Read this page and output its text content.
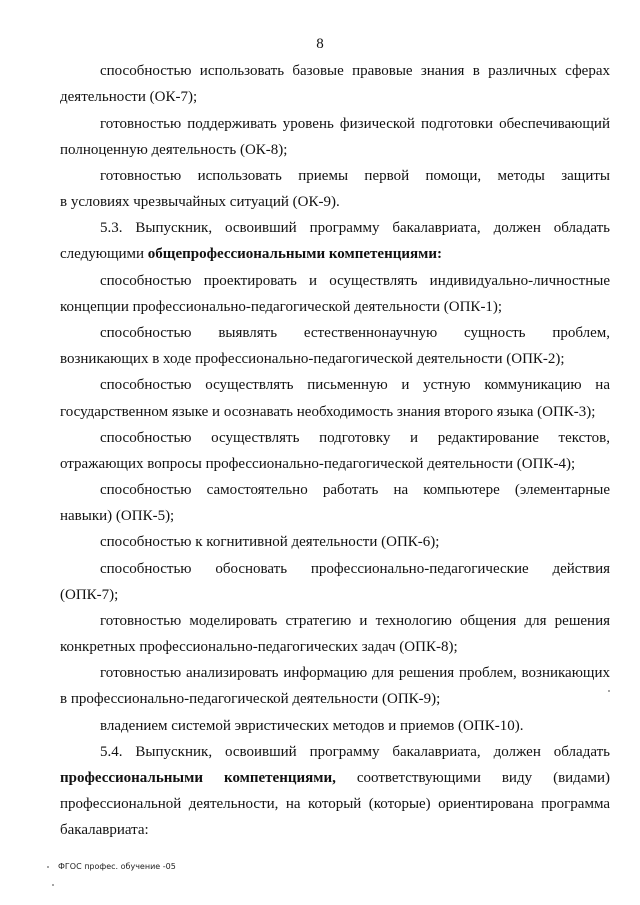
8
способностью использовать базовые правовые знания в различных сферах
деятельности (ОК-7);
готовностью поддерживать уровень физической подготовки обеспечивающий
полноценную деятельность (ОК-8);
готовностью использовать приемы первой помощи, методы защиты
в условиях чрезвычайных ситуаций (ОК-9).
5.3. Выпускник, освоивший программу бакалавриата, должен обладать
следующими общепрофессиональными компетенциями:
способностью проектировать и осуществлять индивидуально-личностные
концепции профессионально-педагогической деятельности (ОПК-1);
способностью выявлять естественнонаучную сущность проблем,
возникающих в ходе профессионально-педагогической деятельности (ОПК-2);
способностью осуществлять письменную и устную коммуникацию на
государственном языке и осознавать необходимость знания второго языка (ОПК-3);
способностью осуществлять подготовку и редактирование текстов,
отражающих вопросы профессионально-педагогической деятельности (ОПК-4);
способностью самостоятельно работать на компьютере (элементарные
навыки) (ОПК-5);
способностью к когнитивной деятельности (ОПК-6);
способностью обосновать профессионально-педагогические действия
(ОПК-7);
готовностью моделировать стратегию и технологию общения для решения
конкретных профессионально-педагогических задач (ОПК-8);
готовностью анализировать информацию для решения проблем, возникающих
в профессионально-педагогической деятельности (ОПК-9);
владением системой эвристических методов и приемов (ОПК-10).
5.4. Выпускник, освоивший программу бакалавриата, должен обладать
профессиональными компетенциями, соответствующими виду (видами)
профессиональной деятельности, на который (которые) ориентирована программа
бакалавриата:
ФГОС профес. обучение -05
